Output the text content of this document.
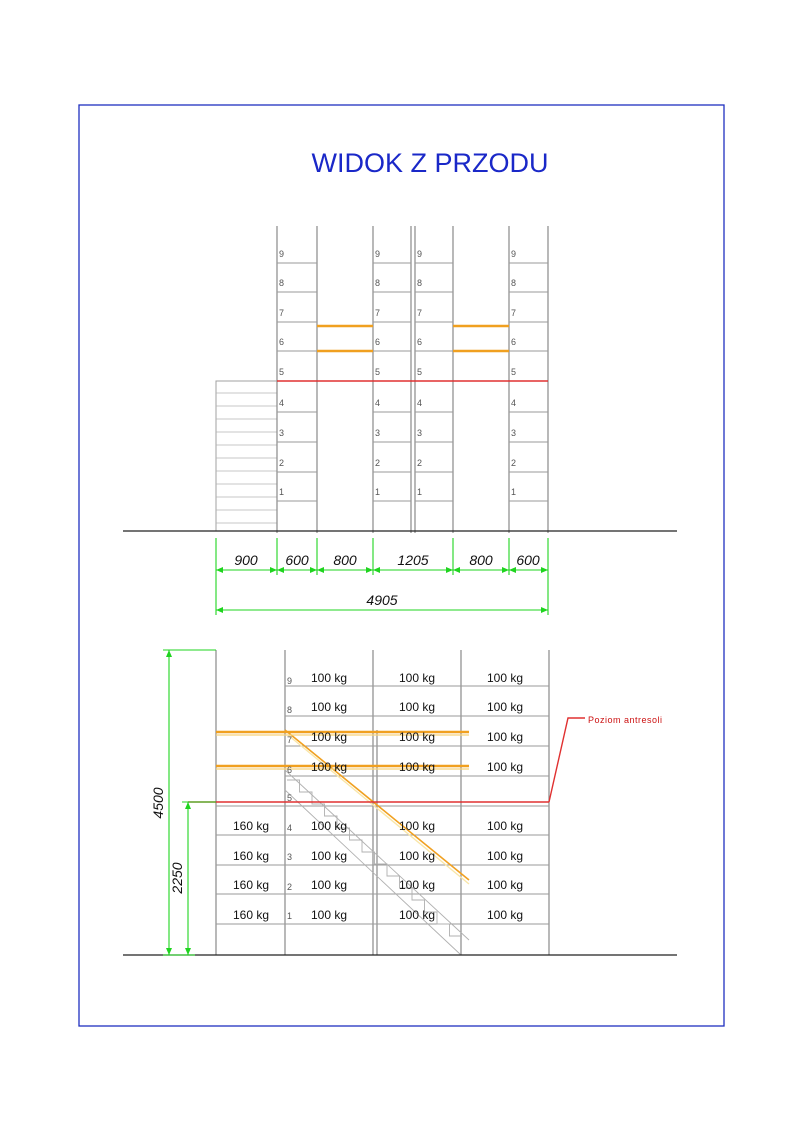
WIDOK Z PRZODU
1
2
3
4
5
6
7
8
9
1
2
3
4
5
6
7
8
9
1
2
3
4
5
6
7
8
9
1
2
3
4
5
6
7
8
9
900 600 800	1205	800 600
4905
Poziom antresoli
1
2
3
4
5
6
7
8
9
160 kg
160 kg
160 kg
160 kg
100 kg
100 kg
100 kg
100 kg
100 kg
100 kg
100 kg
100 kg
100 kg
100 kg
100 kg
100 kg
100 kg
100 kg
100 kg
100 kg
100 kg
100 kg
100 kg
100 kg
100 kg
100 kg
100 kg
100 kg
4500
2250
